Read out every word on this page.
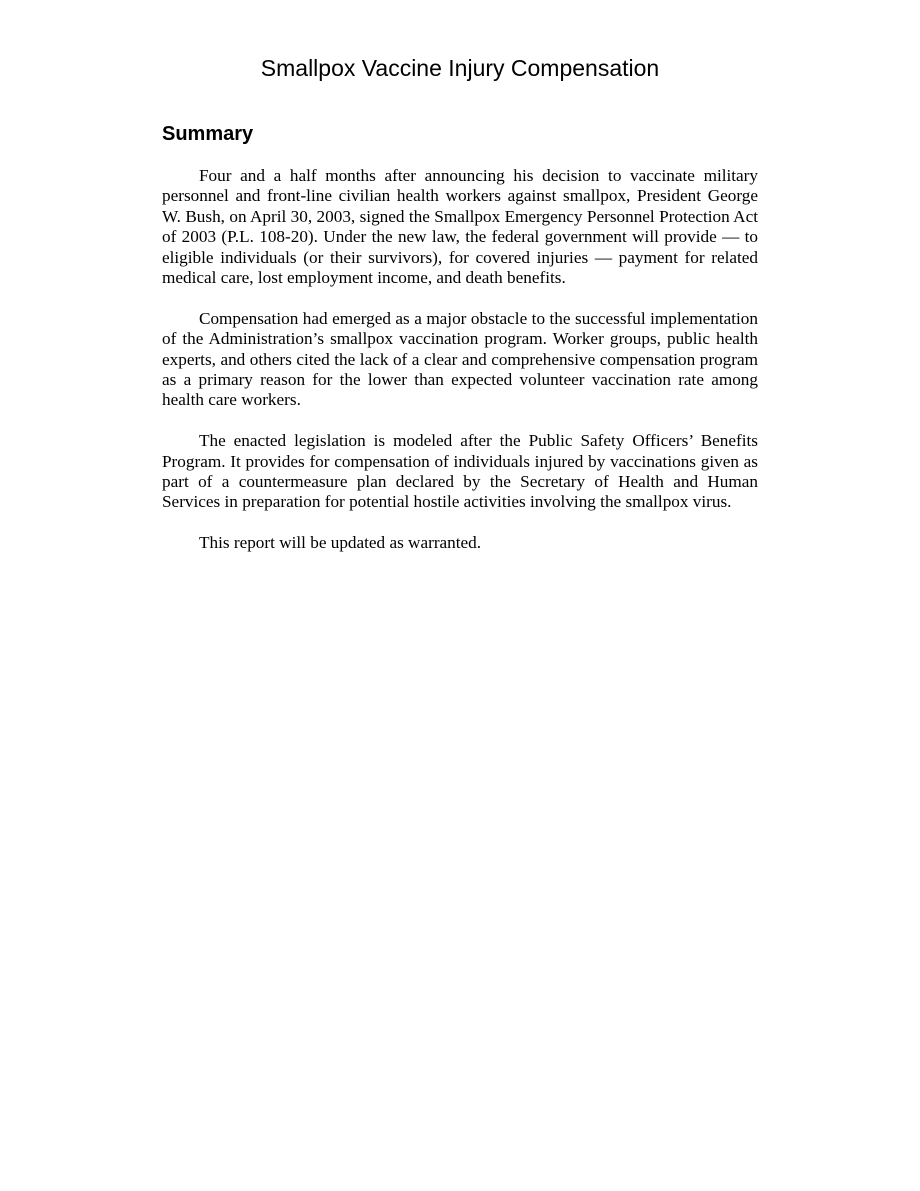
Smallpox Vaccine Injury Compensation
Summary

Four and a half months after announcing his decision to vaccinate military personnel and front-line civilian health workers against smallpox, President George W. Bush, on April 30, 2003, signed the Smallpox Emergency Personnel Protection Act of 2003 (P.L. 108-20). Under the new law, the federal government will provide — to eligible individuals (or their survivors), for covered injuries — payment for related medical care, lost employment income, and death benefits.

Compensation had emerged as a major obstacle to the successful implementation of the Administration’s smallpox vaccination program. Worker groups, public health experts, and others cited the lack of a clear and comprehensive compensation program as a primary reason for the lower than expected volunteer vaccination rate among health care workers.

The enacted legislation is modeled after the Public Safety Officers’ Benefits Program. It provides for compensation of individuals injured by vaccinations given as part of a countermeasure plan declared by the Secretary of Health and Human Services in preparation for potential hostile activities involving the smallpox virus.

This report will be updated as warranted.
